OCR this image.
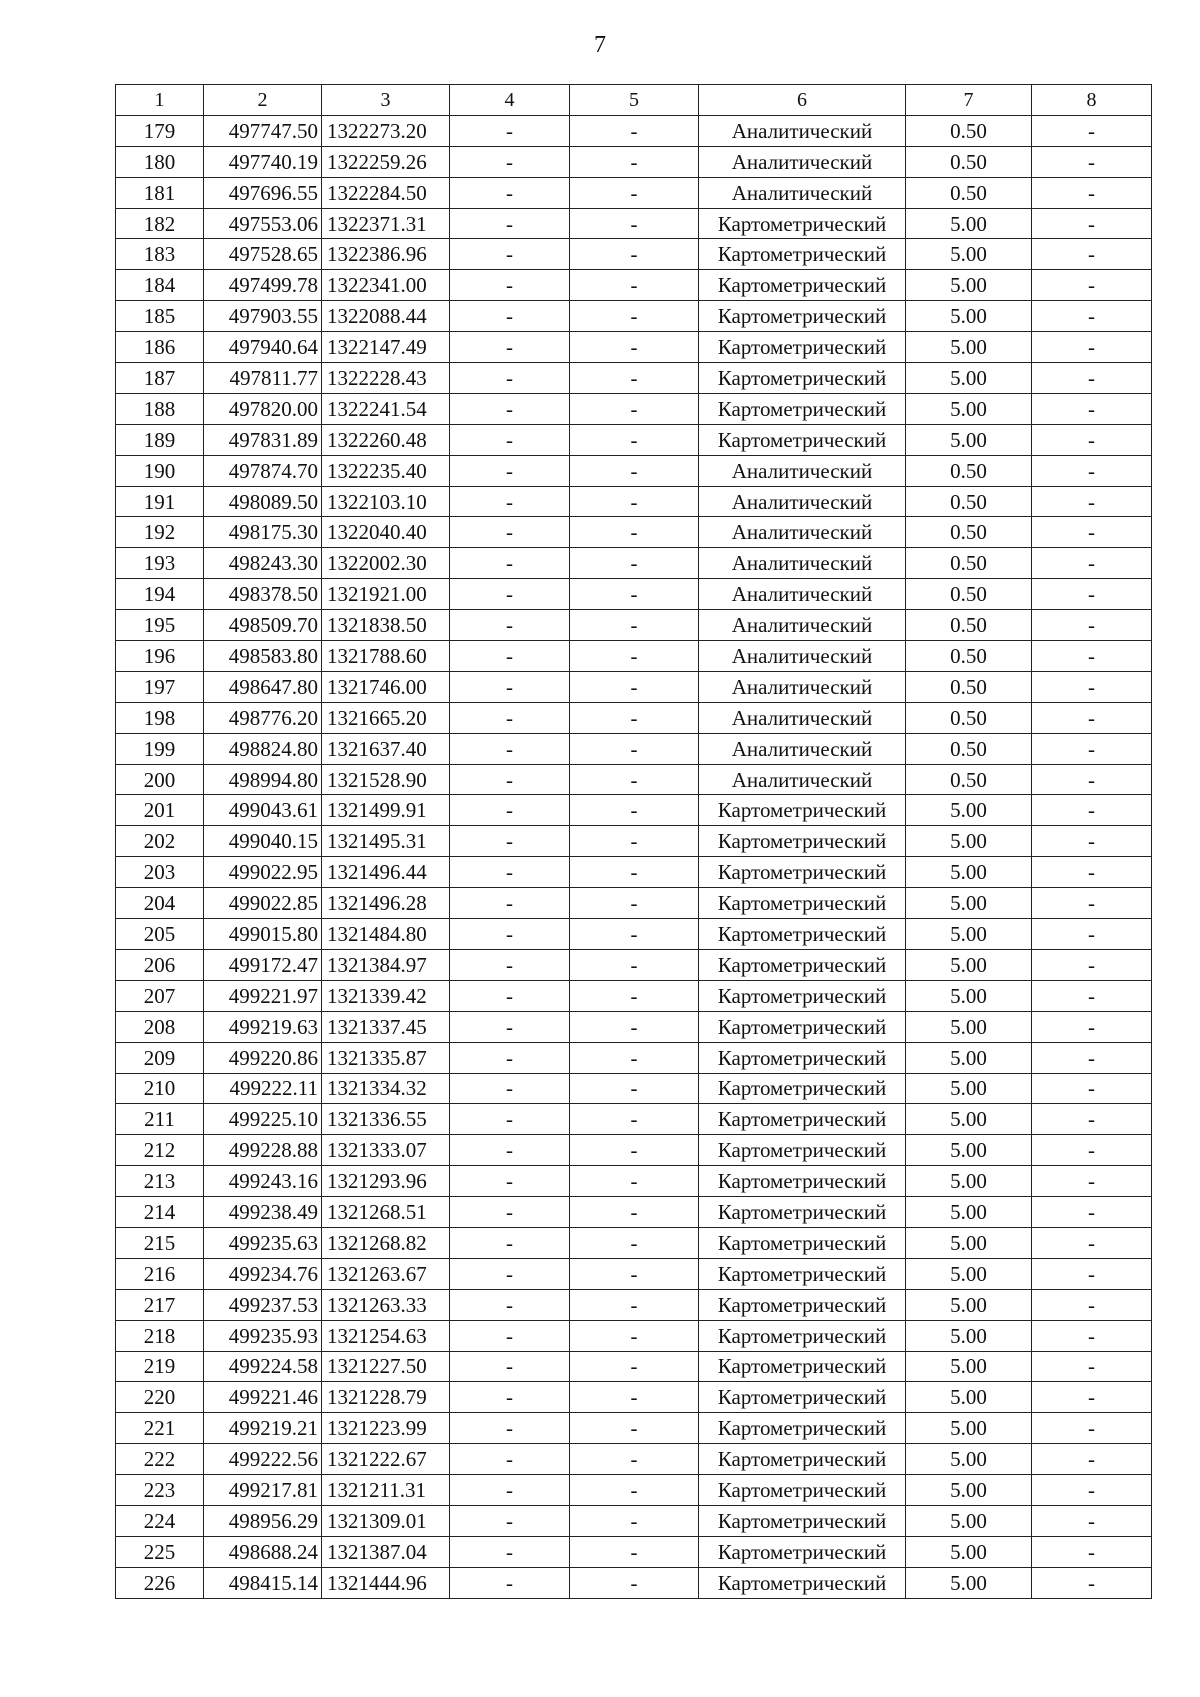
7
1	2	3	4	5	6	7	8
179	497747.50	1322273.20	-	-	Аналитический	0.50	-
180	497740.19	1322259.26	-	-	Аналитический	0.50	-
181	497696.55	1322284.50	-	-	Аналитический	0.50	-
182	497553.06	1322371.31	-	-	Картометрический	5.00	-
183	497528.65	1322386.96	-	-	Картометрический	5.00	-
184	497499.78	1322341.00	-	-	Картометрический	5.00	-
185	497903.55	1322088.44	-	-	Картометрический	5.00	-
186	497940.64	1322147.49	-	-	Картометрический	5.00	-
187	497811.77	1322228.43	-	-	Картометрический	5.00	-
188	497820.00	1322241.54	-	-	Картометрический	5.00	-
189	497831.89	1322260.48	-	-	Картометрический	5.00	-
190	497874.70	1322235.40	-	-	Аналитический	0.50	-
191	498089.50	1322103.10	-	-	Аналитический	0.50	-
192	498175.30	1322040.40	-	-	Аналитический	0.50	-
193	498243.30	1322002.30	-	-	Аналитический	0.50	-
194	498378.50	1321921.00	-	-	Аналитический	0.50	-
195	498509.70	1321838.50	-	-	Аналитический	0.50	-
196	498583.80	1321788.60	-	-	Аналитический	0.50	-
197	498647.80	1321746.00	-	-	Аналитический	0.50	-
198	498776.20	1321665.20	-	-	Аналитический	0.50	-
199	498824.80	1321637.40	-	-	Аналитический	0.50	-
200	498994.80	1321528.90	-	-	Аналитический	0.50	-
201	499043.61	1321499.91	-	-	Картометрический	5.00	-
202	499040.15	1321495.31	-	-	Картометрический	5.00	-
203	499022.95	1321496.44	-	-	Картометрический	5.00	-
204	499022.85	1321496.28	-	-	Картометрический	5.00	-
205	499015.80	1321484.80	-	-	Картометрический	5.00	-
206	499172.47	1321384.97	-	-	Картометрический	5.00	-
207	499221.97	1321339.42	-	-	Картометрический	5.00	-
208	499219.63	1321337.45	-	-	Картометрический	5.00	-
209	499220.86	1321335.87	-	-	Картометрический	5.00	-
210	499222.11	1321334.32	-	-	Картометрический	5.00	-
211	499225.10	1321336.55	-	-	Картометрический	5.00	-
212	499228.88	1321333.07	-	-	Картометрический	5.00	-
213	499243.16	1321293.96	-	-	Картометрический	5.00	-
214	499238.49	1321268.51	-	-	Картометрический	5.00	-
215	499235.63	1321268.82	-	-	Картометрический	5.00	-
216	499234.76	1321263.67	-	-	Картометрический	5.00	-
217	499237.53	1321263.33	-	-	Картометрический	5.00	-
218	499235.93	1321254.63	-	-	Картометрический	5.00	-
219	499224.58	1321227.50	-	-	Картометрический	5.00	-
220	499221.46	1321228.79	-	-	Картометрический	5.00	-
221	499219.21	1321223.99	-	-	Картометрический	5.00	-
222	499222.56	1321222.67	-	-	Картометрический	5.00	-
223	499217.81	1321211.31	-	-	Картометрический	5.00	-
224	498956.29	1321309.01	-	-	Картометрический	5.00	-
225	498688.24	1321387.04	-	-	Картометрический	5.00	-
226	498415.14	1321444.96	-	-	Картометрический	5.00	-
